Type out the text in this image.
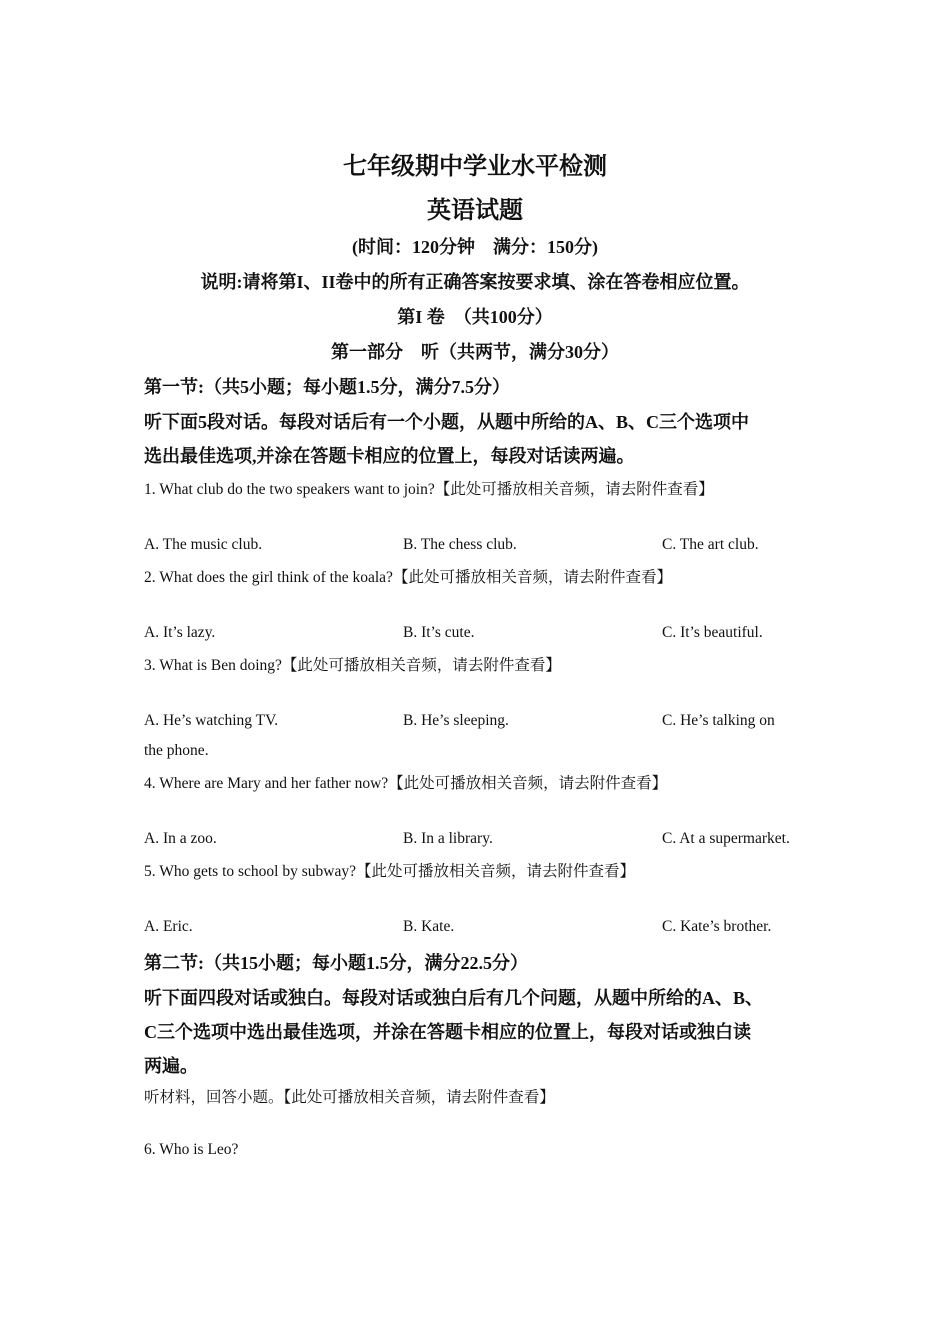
七年级期中学业水平检测
英语试题
(时间：120分钟　满分：150分)
说明:请将第I、II卷中的所有正确答案按要求填、涂在答卷相应位置。
第I 卷　（共100分）
第一部分　听（共两节，满分30分）
第一节:（共5小题；每小题1.5分，满分7.5分）
听下面5段对话。每段对话后有一个小题，从题中所给的A、B、C三个选项中
选出最佳选项,并涂在答题卡相应的位置上，每段对话读两遍。
1. What club do the two speakers want to join?【此处可播放相关音频，请去附件查看】
A. The music club.	B. The chess club.	C. The art club.
2. What does the girl think of the koala?【此处可播放相关音频，请去附件查看】
A. It’s lazy.	B. It’s cute.	C. It’s beautiful.
3. What is Ben doing?【此处可播放相关音频，请去附件查看】
A. He’s watching TV.	B. He’s sleeping.	C. He’s talking on
the phone.
4. Where are Mary and her father now?【此处可播放相关音频，请去附件查看】
A. In a zoo.	B. In a library.	C. At a supermarket.
5. Who gets to school by subway?【此处可播放相关音频，请去附件查看】
A. Eric.	B. Kate.	C. Kate’s brother.
第二节:（共15小题；每小题1.5分，满分22.5分）
听下面四段对话或独白。每段对话或独白后有几个问题，从题中所给的A、B、
C三个选项中选出最佳选项，并涂在答题卡相应的位置上，每段对话或独白读
两遍。
听材料，回答小题。【此处可播放相关音频，请去附件查看】
6. Who is Leo?
